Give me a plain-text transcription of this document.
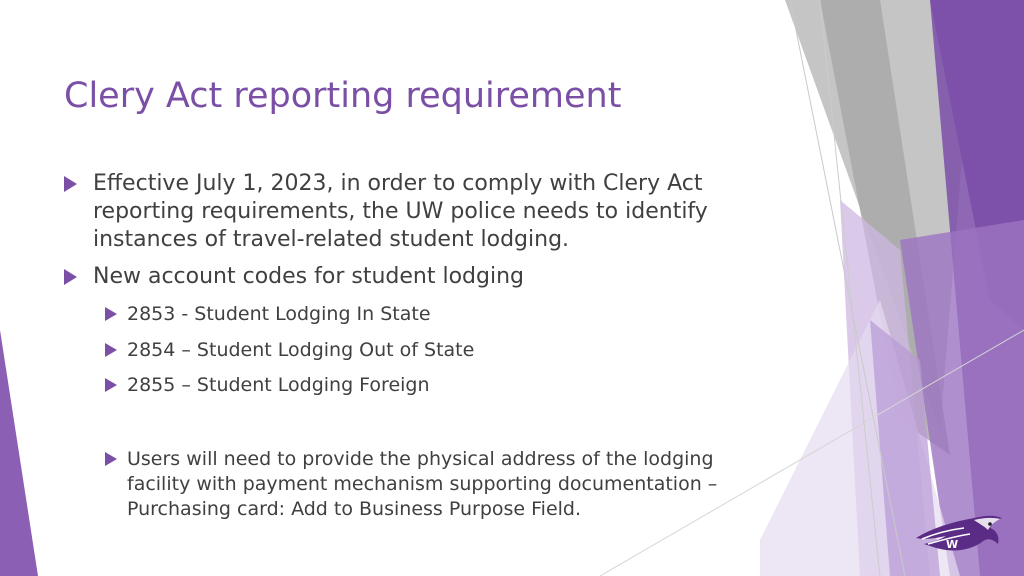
Clery Act reporting requirement
Effective July 1, 2023, in order to comply with Clery Act reporting requirements, the UW police needs to identify instances of travel-related student lodging.
New account codes for student lodging
2853 - Student Lodging In State
2854 – Student Lodging Out of State
2855 – Student Lodging Foreign
Users will need to provide the physical address of the lodging facility with payment mechanism supporting documentation – Purchasing card: Add to Business Purpose Field.
W
